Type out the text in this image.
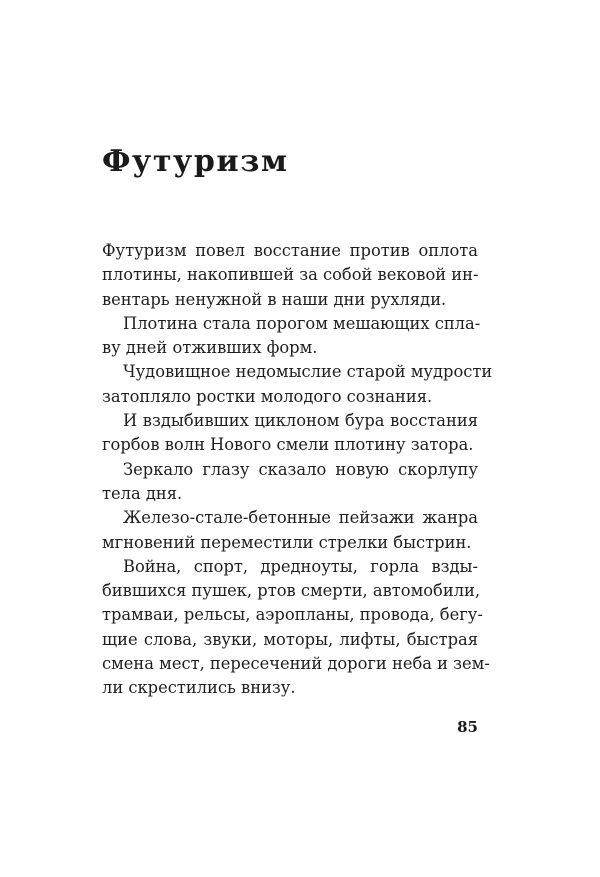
Футуризм
Футуризм повел восстание против оплота
плотины, накопившей за собой вековой ин-
вентарь ненужной в наши дни рухляди.
Плотина стала порогом мешающих спла-
ву дней отживших форм.
Чудовищное недомыслие старой мудрости
затопляло ростки молодого сознания.
И вздыбивших циклоном бура восстания
горбов волн Нового смели плотину затора.
Зеркало глазу сказало новую скорлупу
тела дня.
Железо-стале-бетонные пейзажи жанра
мгновений переместили стрелки быстрин.
Война, спорт, дредноуты, горла взды-
бившихся пушек, ртов смерти, автомобили,
трамваи, рельсы, аэропланы, провода, бегу-
щие слова, звуки, моторы, лифты, быстрая
смена мест, пересечений дороги неба и зем-
ли скрестились внизу.
85
